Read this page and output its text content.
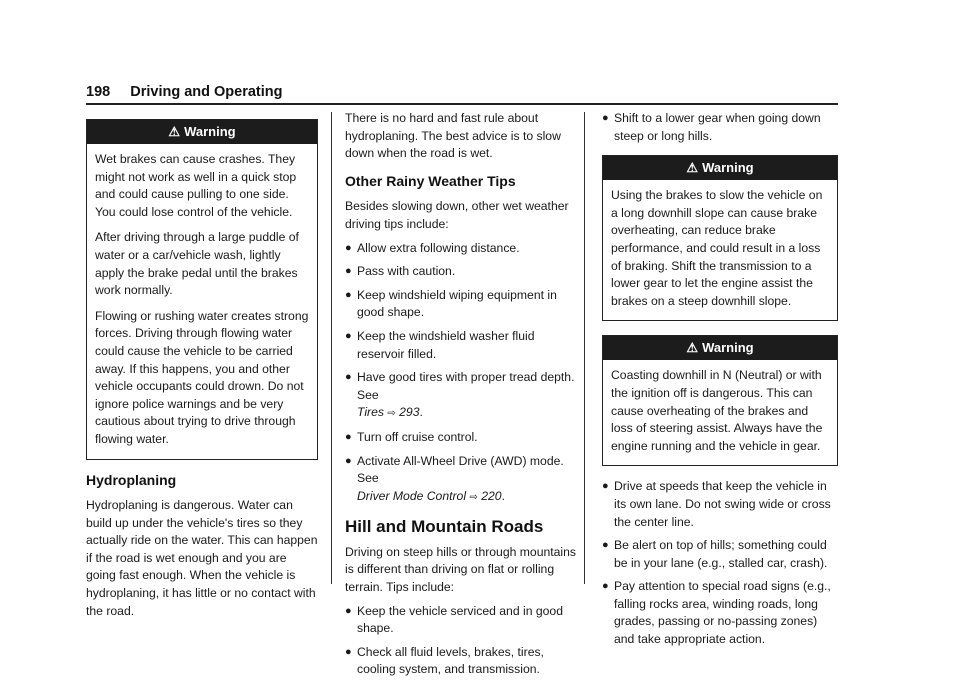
198 Driving and Operating
⚠ Warning

Wet brakes can cause crashes. They might not work as well in a quick stop and could cause pulling to one side. You could lose control of the vehicle.

After driving through a large puddle of water or a car/vehicle wash, lightly apply the brake pedal until the brakes work normally.

Flowing or rushing water creates strong forces. Driving through flowing water could cause the vehicle to be carried away. If this happens, you and other vehicle occupants could drown. Do not ignore police warnings and be very cautious about trying to drive through flowing water.

Hydroplaning

Hydroplaning is dangerous. Water can build up under the vehicle's tires so they actually ride on the water. This can happen if the road is wet enough and you are going fast enough. When the vehicle is hydroplaning, it has little or no contact with the road.

There is no hard and fast rule about hydroplaning. The best advice is to slow down when the road is wet.

Other Rainy Weather Tips

Besides slowing down, other wet weather driving tips include:

● Allow extra following distance.
● Pass with caution.
● Keep windshield wiping equipment in good shape.
● Keep the windshield washer fluid reservoir filled.
● Have good tires with proper tread depth. See
Tires ⇨ 293.
● Turn off cruise control.
● Activate All-Wheel Drive (AWD) mode. See
Driver Mode Control ⇨ 220.
Hill and Mountain Roads

Driving on steep hills or through mountains is different than driving on flat or rolling terrain. Tips include:

● Keep the vehicle serviced and in good shape.
● Check all fluid levels, brakes, tires, cooling system, and transmission.
● Shift to a lower gear when going down steep or long hills.
⚠ Warning

Using the brakes to slow the vehicle on a long downhill slope can cause brake overheating, can reduce brake performance, and could result in a loss of braking. Shift the transmission to a lower gear to let the engine assist the brakes on a steep downhill slope.

⚠ Warning

Coasting downhill in N (Neutral) or with the ignition off is dangerous. This can cause overheating of the brakes and loss of steering assist. Always have the engine running and the vehicle in gear.

● Drive at speeds that keep the vehicle in its own lane. Do not swing wide or cross the center line.
● Be alert on top of hills; something could be in your lane (e.g., stalled car, crash).
● Pay attention to special road signs (e.g., falling rocks area, winding roads, long grades, passing or no-passing zones) and take appropriate action.
